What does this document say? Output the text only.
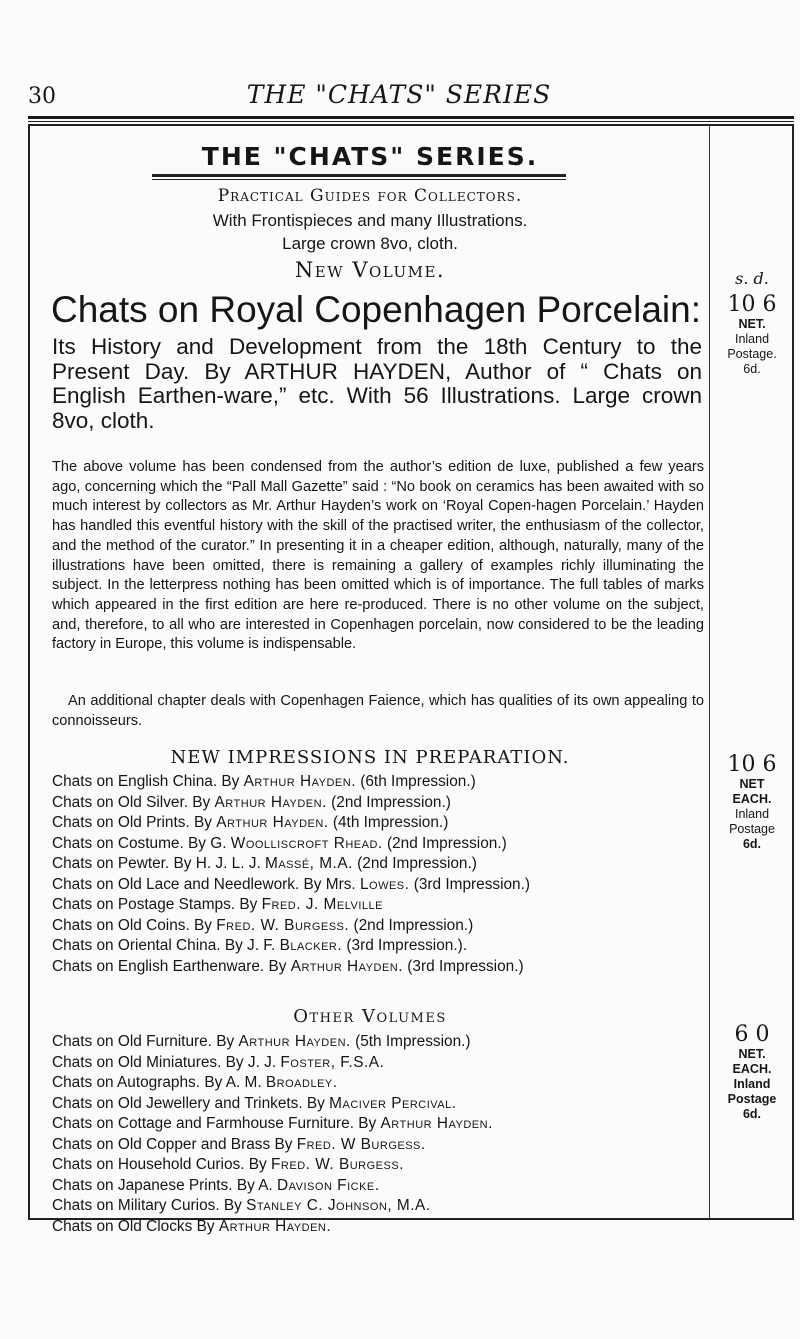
30	THE "CHATS" SERIES
THE "CHATS" SERIES.
Practical Guides for Collectors.
With Frontispieces and many Illustrations.
Large crown 8vo, cloth.
New Volume.
Chats on Royal Copenhagen Porcelain:
Its History and Development from the 18th Century to the Present Day. By ARTHUR HAYDEN, Author of “ Chats on English Earthen-ware,” etc. With 56 Illustrations. Large crown 8vo, cloth.
The above volume has been condensed from the author’s edition de luxe, published a few years ago, concerning which the “Pall Mall Gazette” said : “No book on ceramics has been awaited with so much interest by collectors as Mr. Arthur Hayden’s work on ‘Royal Copen-hagen Porcelain.’ Hayden has handled this eventful history with the skill of the practised writer, the enthusiasm of the collector, and the method of the curator.” In presenting it in a cheaper edition, although, naturally, many of the illustrations have been omitted, there is remaining a gallery of examples richly illuminating the subject. In the letterpress nothing has been omitted which is of importance. The full tables of marks which appeared in the first edition are here re-produced. There is no other volume on the subject, and, therefore, to all who are interested in Copenhagen porcelain, now considered to be the leading factory in Europe, this volume is indispensable.
An additional chapter deals with Copenhagen Faience, which has qualities of its own appealing to connoisseurs.
NEW IMPRESSIONS IN PREPARATION.
Chats on English China. By Arthur Hayden. (6th Impression.)
Chats on Old Silver. By Arthur Hayden. (2nd Impression.)
Chats on Old Prints. By Arthur Hayden. (4th Impression.)
Chats on Costume. By G. Woolliscroft Rhead. (2nd Impression.)
Chats on Pewter. By H. J. L. J. Massé, M.A. (2nd Impression.)
Chats on Old Lace and Needlework. By Mrs. Lowes. (3rd Impression.)
Chats on Postage Stamps. By Fred. J. Melville
Chats on Old Coins. By Fred. W. Burgess. (2nd Impression.)
Chats on Oriental China. By J. F. Blacker. (3rd Impression.).
Chats on English Earthenware. By Arthur Hayden. (3rd Impression.)
Other Volumes
Chats on Old Furniture. By Arthur Hayden. (5th Impression.)
Chats on Old Miniatures. By J. J. Foster, F.S.A.
Chats on Autographs. By A. M. Broadley.
Chats on Old Jewellery and Trinkets. By Maciver Percival.
Chats on Cottage and Farmhouse Furniture. By Arthur Hayden.
Chats on Old Copper and Brass By Fred. W Burgess.
Chats on Household Curios. By Fred. W. Burgess.
Chats on Japanese Prints. By A. Davison Ficke.
Chats on Military Curios. By Stanley C. Johnson, M.A.
Chats on Old Clocks By Arthur Hayden.
s. d.
10 6
NET.
Inland Postage. 6d.
10 6
NET
EACH.
Inland Postage
6d.
6 0
NET.
EACH.
Inland Postage
6d.
